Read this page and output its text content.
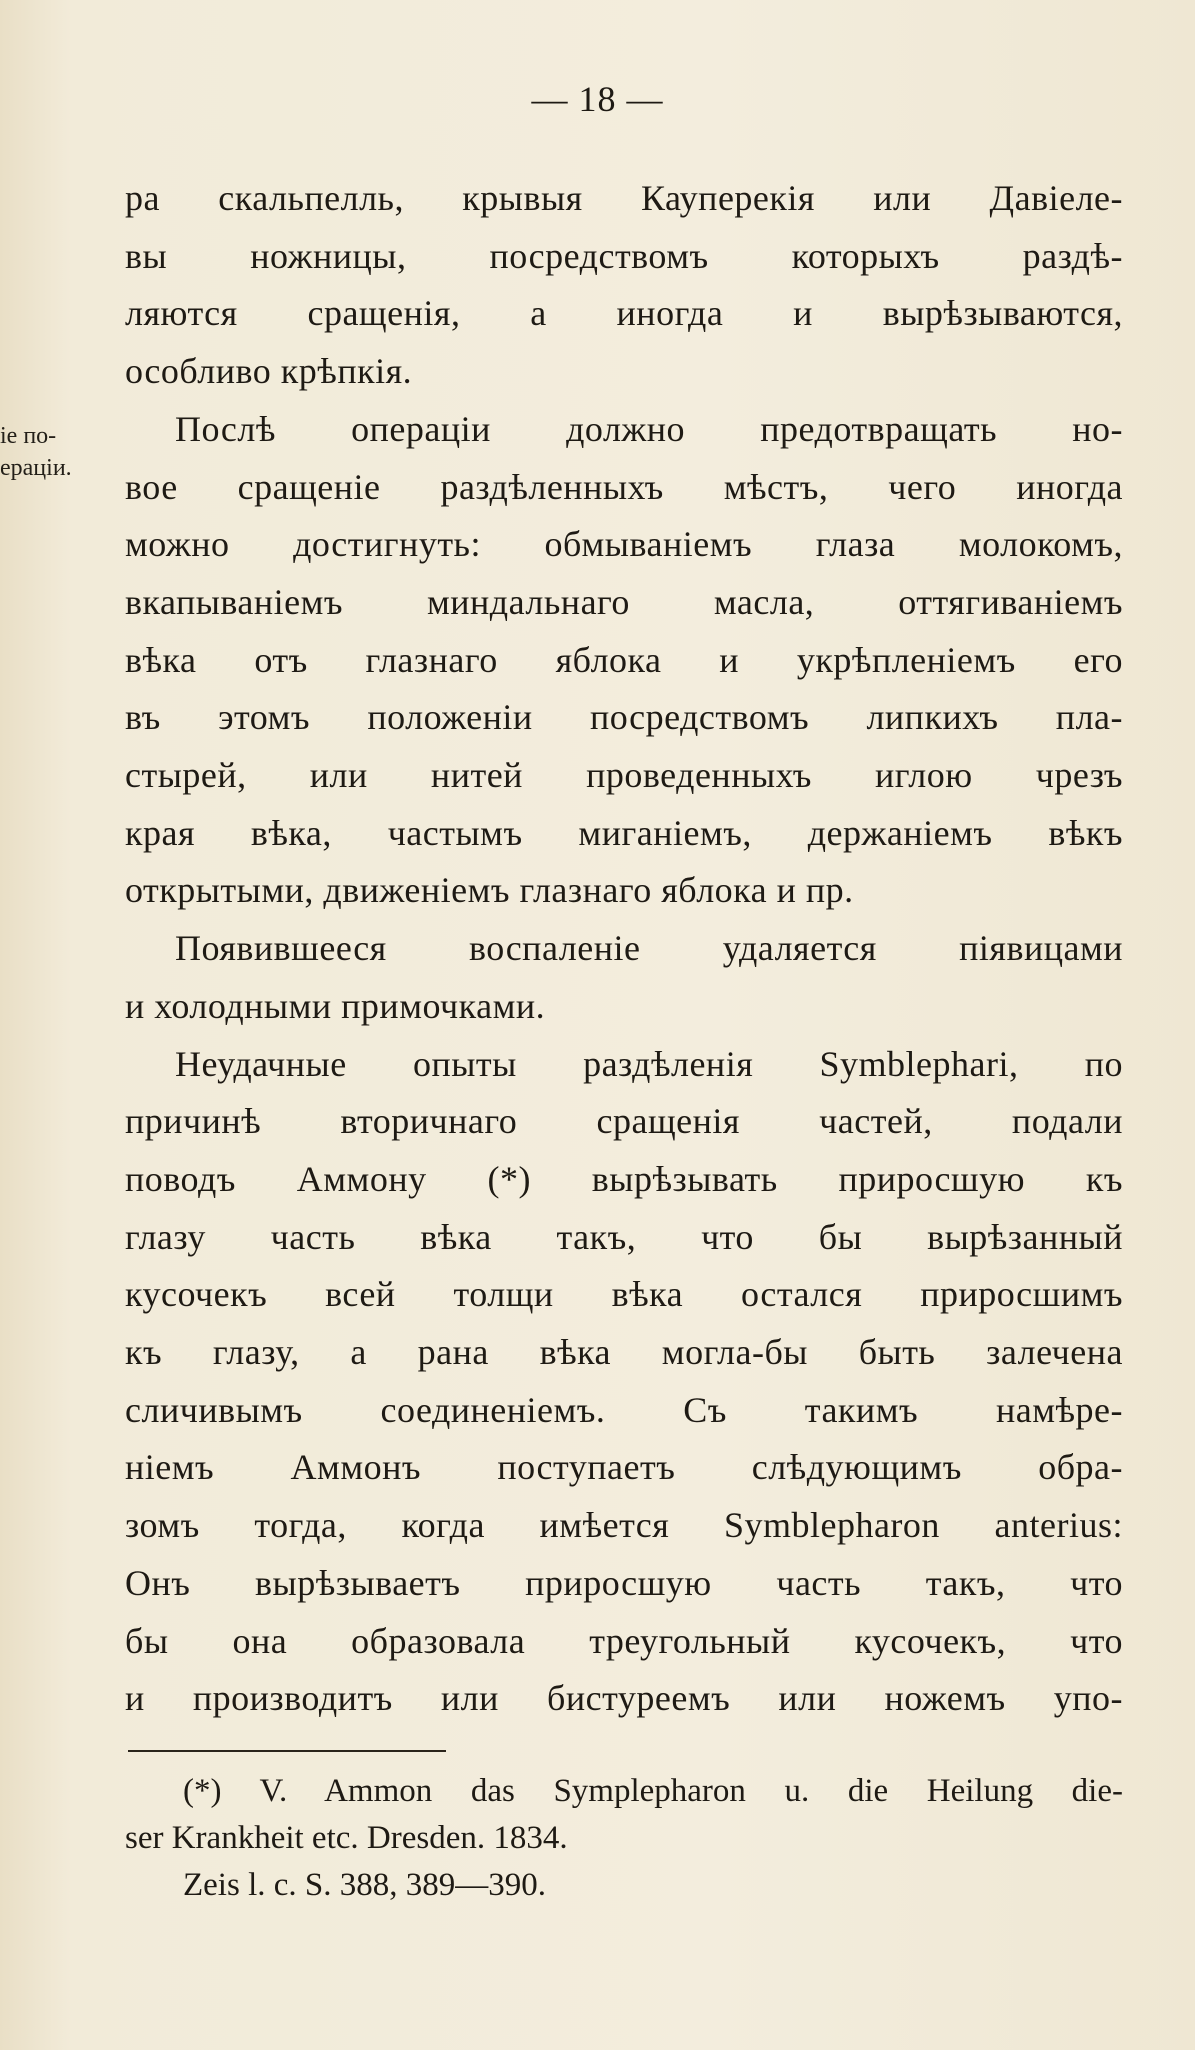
— 18 —
ie по-
ераціи.
ра скальпелль, крывыя Кауперекія или Давіеле-
вы ножницы, посредствомъ которыхъ раздѣ-
ляются сращенія, а иногда и вырѣзываются,
особливо крѣпкія.
Послѣ операціи должно предотвращать но-
вое сращеніе раздѣленныхъ мѣстъ, чего иногда
можно достигнуть: обмываніемъ глаза молокомъ,
вкапываніемъ миндальнаго масла, оттягиваніемъ
вѣка отъ глазнаго яблока и укрѣпленіемъ его
въ этомъ положеніи посредствомъ липкихъ пла-
стырей, или нитей проведенныхъ иглою чрезъ
края вѣка, частымъ миганіемъ, держаніемъ вѣкъ
открытыми, движеніемъ глазнаго яблока и пр.
Появившееся воспаленіе удаляется піявицами
и холодными примочками.
Неудачные опыты раздѣленія Symblephari, по
причинѣ вторичнаго сращенія частей, подали
поводъ Аммону (*) вырѣзывать приросшую къ
глазу часть вѣка такъ, что бы вырѣзанный
кусочекъ всей толщи вѣка остался приросшимъ
къ глазу, а рана вѣка могла-бы быть залечена
сличивымъ соединеніемъ. Съ такимъ намѣре-
ніемъ Аммонъ поступаетъ слѣдующимъ обра-
зомъ тогда, когда имѣется Symblepharon anterius:
Онъ вырѣзываетъ приросшую часть такъ, что
бы она образовала треугольный кусочекъ, что
и производитъ или бистуреемъ или ножемъ упо-
(*) V. Ammon das Symplepharon u. die Heilung die-
ser Krankheit etc. Dresden. 1834.
Zeis l. c. S. 388, 389—390.
